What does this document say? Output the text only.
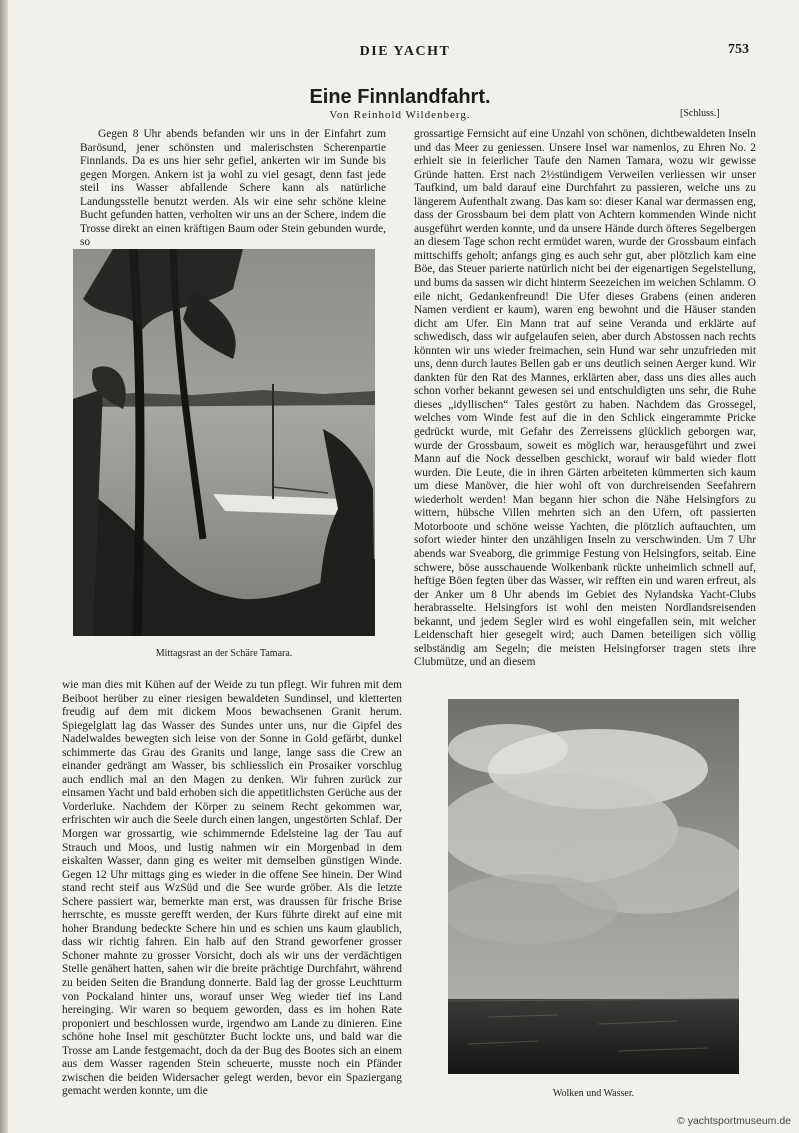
DIE YACHT	753
Eine Finnlandfahrt.
Von Reinhold Wildenberg.	[Schluss.]

Gegen 8 Uhr abends befanden wir uns in der Einfahrt zum Barösund, jener schönsten und malerischsten Scherenpartie Finnlands. Da es uns hier sehr gefiel, ankerten wir im Sunde bis gegen Morgen. Ankern ist ja wohl zu viel gesagt, denn fast jede steil ins Wasser abfallende Schere kann als natürliche Landungsstelle benutzt werden. Als wir eine sehr schöne kleine Bucht gefunden hatten, verholten wir uns an der Schere, indem die Trosse direkt an einen kräftigen Baum oder Stein gebunden wurde, so

Mittagsrast an der Schäre Tamara.

wie man dies mit Kühen auf der Weide zu tun pflegt. Wir fuhren mit dem Beiboot herüber zu einer riesigen bewaldeten Sundinsel, und kletterten freudig auf dem mit dickem Moos bewachsenen Granit herum. Spiegelglatt lag das Wasser des Sundes unter uns, nur die Gipfel des Nadelwaldes bewegten sich leise von der Sonne in Gold gefärbt, dunkel schimmerte das Grau des Granits und lange, lange sass die Crew an einander gedrängt am Wasser, bis schliesslich ein Prosaiker vorschlug auch endlich mal an den Magen zu denken. Wir fuhren zurück zur einsamen Yacht und bald erhoben sich die appetitlichsten Gerüche aus der Vorderluke. Nachdem der Körper zu seinem Recht gekommen war, erfrischten wir auch die Seele durch einen langen, ungestörten Schlaf. Der Morgen war grossartig, wie schimmernde Edelsteine lag der Tau auf Strauch und Moos, und lustig nahmen wir ein Morgenbad in dem eiskalten Wasser, dann ging es weiter mit demselben günstigen Winde. Gegen 12 Uhr mittags ging es wieder in die offene See hinein. Der Wind stand recht steif aus WzSüd und die See wurde gröber. Als die letzte Schere passiert war, bemerkte man erst, was draussen für frische Brise herrschte, es musste gerefft werden, der Kurs führte direkt auf eine mit hoher Brandung bedeckte Schere hin und es schien uns kaum glaublich, dass wir richtig fahren. Ein halb auf den Strand geworfener grosser Schoner mahnte zu grosser Vorsicht, doch als wir uns der verdächtigen Stelle genähert hatten, sahen wir die breite prächtige Durchfahrt, während zu beiden Seiten die Brandung donnerte. Bald lag der grosse Leuchtturm von Pockaland hinter uns, worauf unser Weg wieder tief ins Land hereinging. Wir waren so bequem geworden, dass es im hohen Rate proponiert und beschlossen wurde, irgendwo am Lande zu dinieren. Eine schöne hohe Insel mit geschützter Bucht lockte uns, und bald war die Trosse am Lande festgemacht, doch da der Bug des Bootes sich an einem aus dem Wasser ragenden Stein scheuerte, musste noch ein Pfänder zwischen die beiden Widersacher gelegt werden, bevor ein Spaziergang gemacht werden konnte, um die

grossartige Fernsicht auf eine Unzahl von schönen, dichtbewaldeten Inseln und das Meer zu geniessen. Unsere Insel war namenlos, zu Ehren No. 2 erhielt sie in feierlicher Taufe den Namen Tamara, wozu wir gewisse Gründe hatten. Erst nach 2½stündigem Verweilen verliessen wir unser Taufkind, um bald darauf eine Durchfahrt zu passieren, welche uns zu längerem Aufenthalt zwang. Das kam so: dieser Kanal war dermassen eng, dass der Grossbaum bei dem platt von Achtern kommenden Winde nicht ausgeführt werden konnte, und da unsere Hände durch öfteres Segelbergen an diesem Tage schon recht ermüdet waren, wurde der Grossbaum einfach mittschiffs geholt; anfangs ging es auch sehr gut, aber plötzlich kam eine Böe, das Steuer parierte natürlich nicht bei der eigenartigen Segelstellung, und bums da sassen wir dicht hinterm Seezeichen im weichen Schlamm. O eile nicht, Gedankenfreund! Die Ufer dieses Grabens (einen anderen Namen verdient er kaum), waren eng bewohnt und die Häuser standen dicht am Ufer. Ein Mann trat auf seine Veranda und erklärte auf schwedisch, dass wir aufgelaufen seien, aber durch Abstossen nach rechts könnten wir uns wieder freimachen, sein Hund war sehr unzufrieden mit uns, denn durch lautes Bellen gab er uns deutlich seinen Aerger kund. Wir dankten für den Rat des Mannes, erklärten aber, dass uns dies alles auch schon vorher bekannt gewesen sei und entschuldigten uns sehr, die Ruhe dieses „idyllischen“ Tales gestört zu haben. Nachdem das Grossegel, welches vom Winde fest auf die in den Schlick eingerammte Pricke gedrückt wurde, mit Gefahr des Zerreissens glücklich geborgen war, wurde der Grossbaum, soweit es möglich war, herausgeführt und zwei Mann auf die Nock desselben geschickt, worauf wir bald wieder flott wurden. Die Leute, die in ihren Gärten arbeiteten kümmerten sich kaum um diese Manöver, die hier wohl oft von durchreisenden Seefahrern wiederholt werden! Man begann hier schon die Nähe Helsingfors zu wittern, hübsche Villen mehrten sich an den Ufern, oft passierten Motorboote und schöne weisse Yachten, die plötzlich auftauchten, um sofort wieder hinter den unzähligen Inseln zu verschwinden. Um 7 Uhr abends war Sveaborg, die grimmige Festung von Helsingfors, seitab. Eine schwere, böse ausschauende Wolkenbank rückte unheimlich schnell auf, heftige Böen fegten über das Wasser, wir refften ein und waren erfreut, als der Anker um 8 Uhr abends im Gebiet des Nylandska Yacht-Clubs herabrasselte. Helsingfors ist wohl den meisten Nordlandsreisenden bekannt, und jedem Segler wird es wohl eingefallen sein, mit welcher Leidenschaft hier gesegelt wird; auch Damen beteiligen sich völlig selbständig am Segeln; die meisten Helsingforser tragen stets ihre Clubmütze, und an diesem

Wolken und Wasser.
© yachtsportmuseum.de
